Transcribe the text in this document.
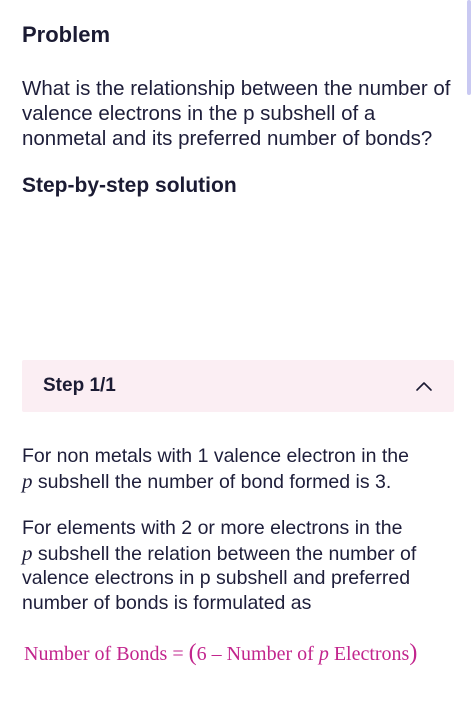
Problem
What is the relationship between the number of valence electrons in the p subshell of a nonmetal and its preferred number of bonds?
Step-by-step solution
Step 1/1
For non metals with 1 valence electron in the
p subshell the number of bond formed is 3.
For elements with 2 or more electrons in the
p subshell the relation between the number of valence electrons in p subshell and preferred number of bonds is formulated as
Number of Bonds = (6 – Number of p Electrons)
